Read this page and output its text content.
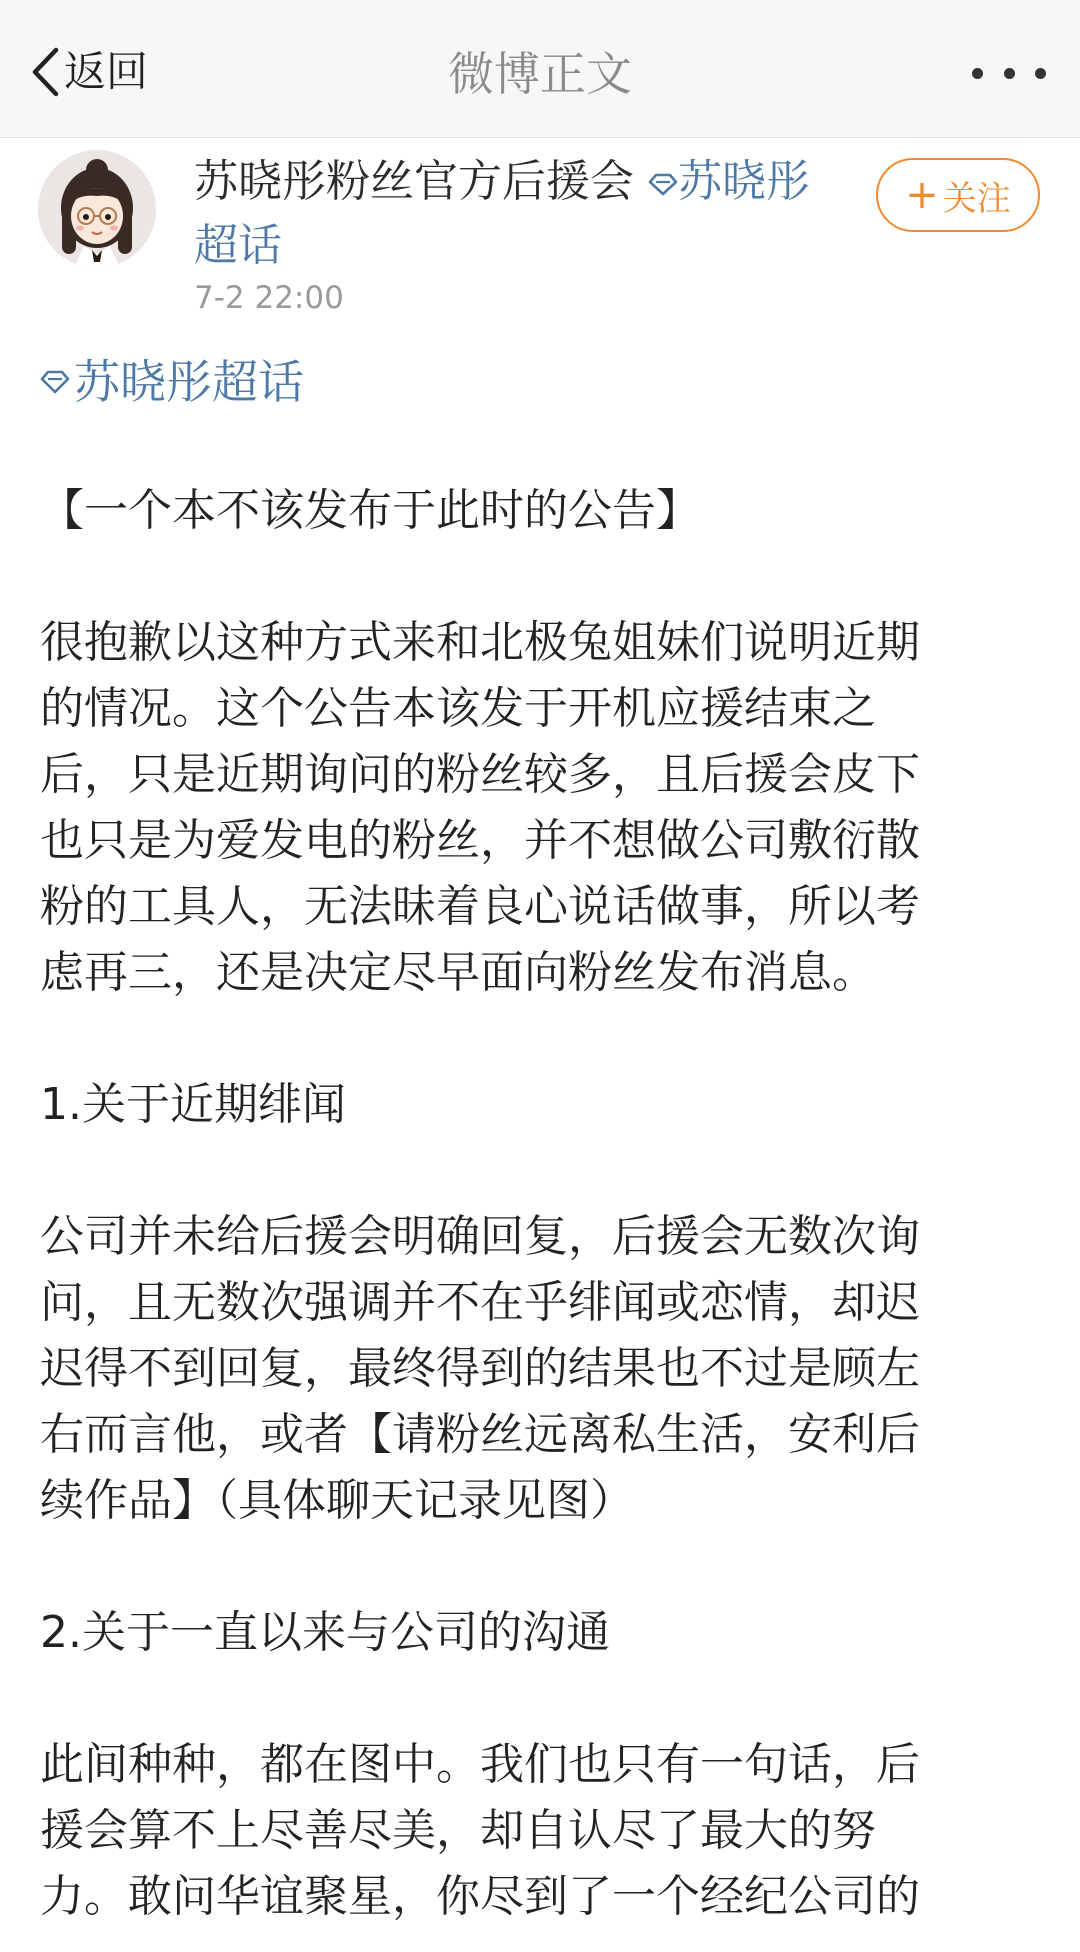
返回	微博正文
苏晓彤粉丝官方后援会 苏晓彤
超话
7-2 22:00
+ 关注
苏晓彤超话

【一个本不该发布于此时的公告】

很抱歉以这种方式来和北极兔姐妹们说明近期

的情况。这个公告本该发于开机应援结束之

后，只是近期询问的粉丝较多，且后援会皮下

也只是为爱发电的粉丝，并不想做公司敷衍散

粉的工具人，无法昧着良心说话做事，所以考

虑再三，还是决定尽早面向粉丝发布消息。

1.关于近期绯闻

公司并未给后援会明确回复，后援会无数次询

问，且无数次强调并不在乎绯闻或恋情，却迟

迟得不到回复，最终得到的结果也不过是顾左

右而言他，或者【请粉丝远离私生活，安利后

续作品】（具体聊天记录见图）

2.关于一直以来与公司的沟通

此间种种，都在图中。我们也只有一句话，后

援会算不上尽善尽美，却自认尽了最大的努

力。敢问华谊聚星，你尽到了一个经纪公司的
